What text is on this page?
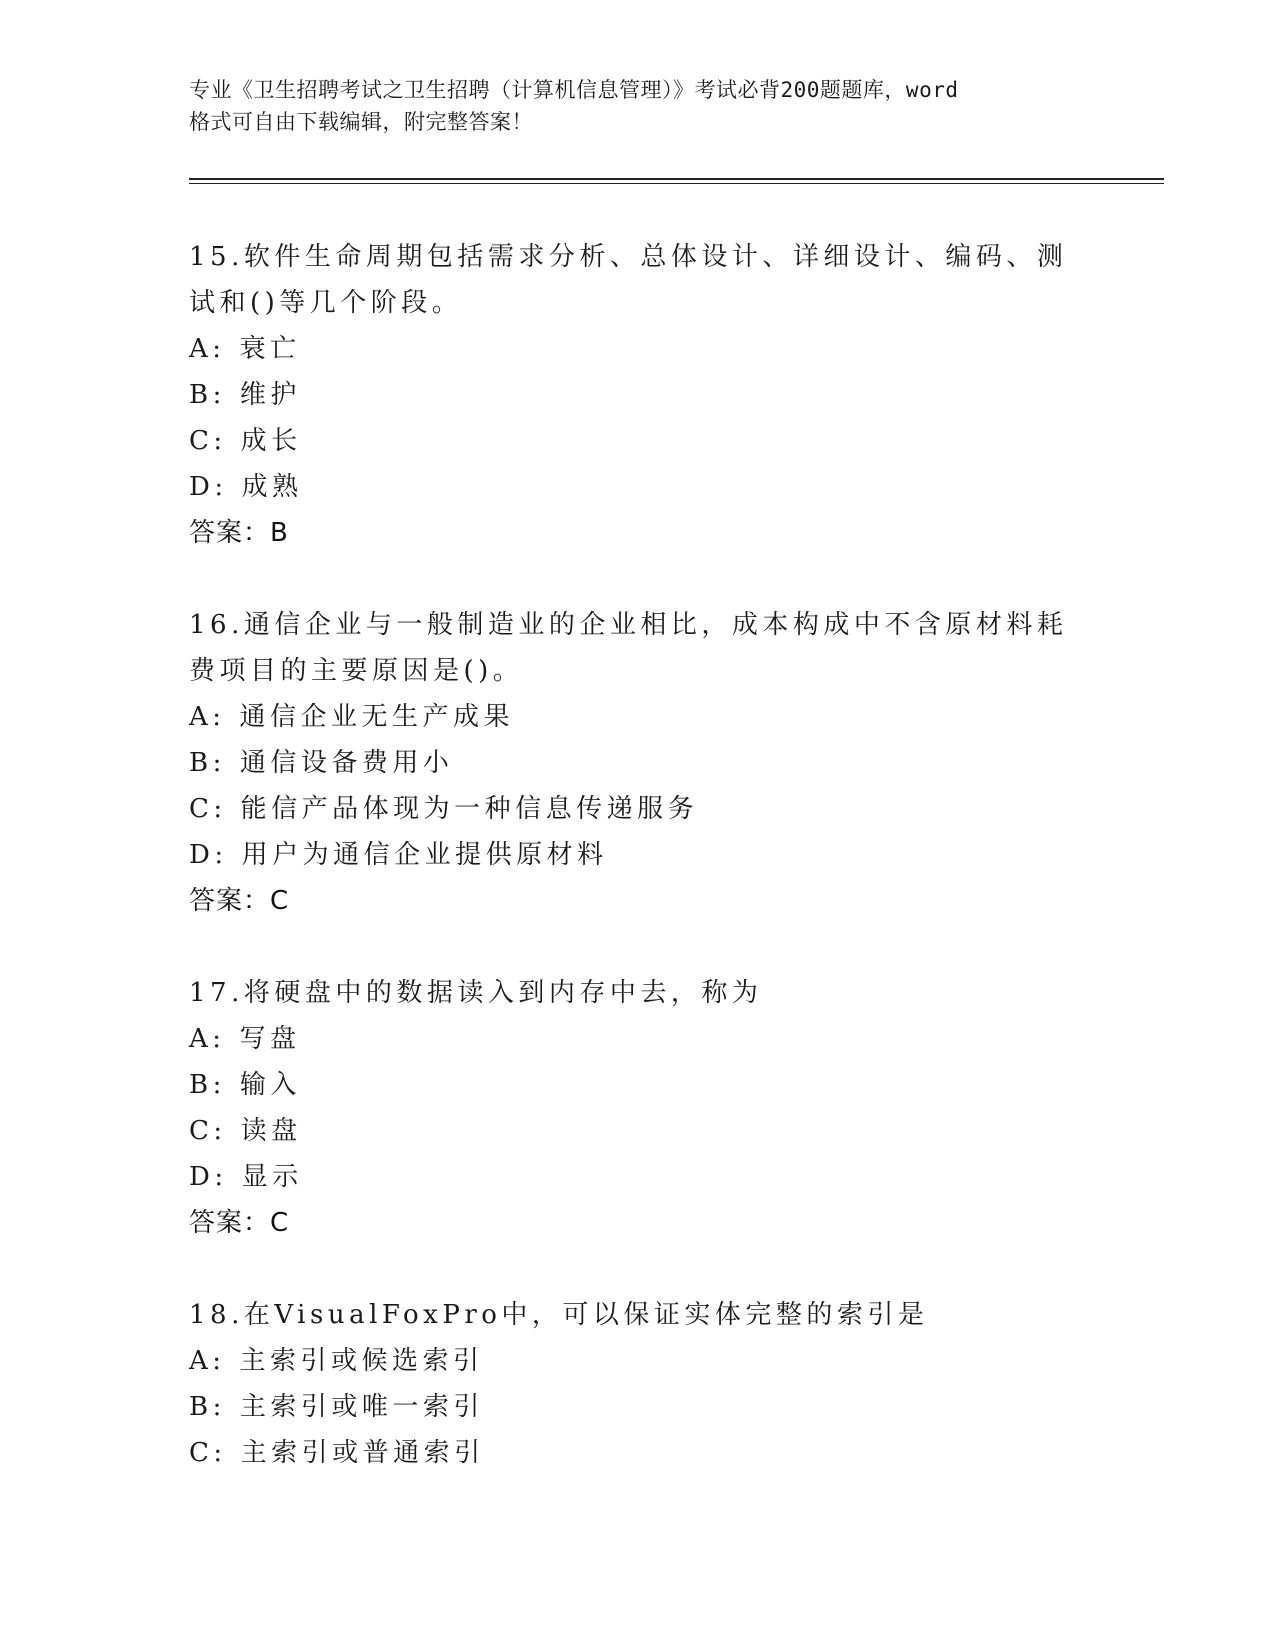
专业《卫生招聘考试之卫生招聘（计算机信息管理）》考试必背200题题库，word
格式可自由下载编辑，附完整答案！
15.软件生命周期包括需求分析、总体设计、详细设计、编码、测试和()等几个阶段。
A: 衰亡
B: 维护
C: 成长
D: 成熟
答案：B
16.通信企业与一般制造业的企业相比，成本构成中不含原材料耗费项目的主要原因是()。
A: 通信企业无生产成果
B: 通信设备费用小
C: 能信产品体现为一种信息传递服务
D: 用户为通信企业提供原材料
答案：C
17.将硬盘中的数据读入到内存中去，称为
A: 写盘
B: 输入
C: 读盘
D: 显示
答案：C
18.在VisualFoxPro中，可以保证实体完整的索引是
A: 主索引或候选索引
B: 主索引或唯一索引
C: 主索引或普通索引
